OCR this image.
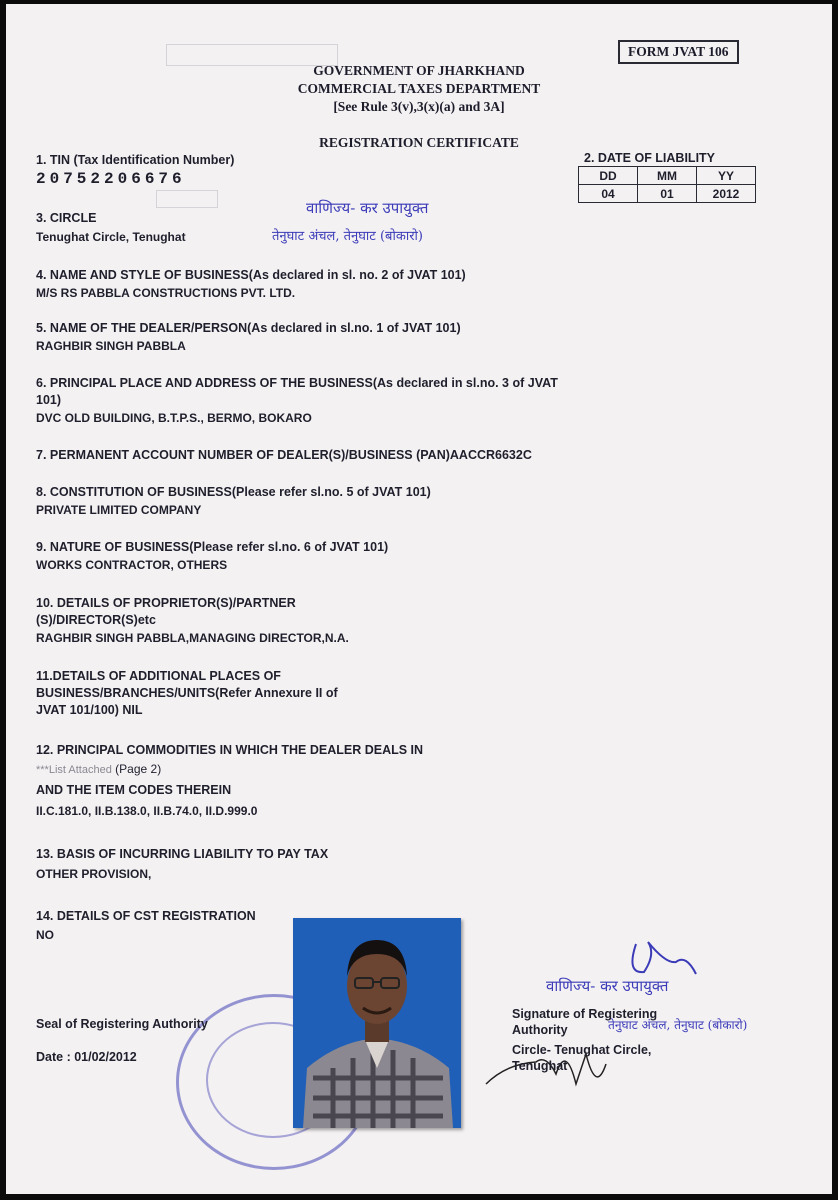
FORM JVAT 106
GOVERNMENT OF JHARKHAND
COMMERCIAL TAXES DEPARTMENT
[See Rule 3(v),3(x)(a) and 3A]
REGISTRATION CERTIFICATE
1. TIN (Tax Identification Number)
20752206676
2. DATE OF LIABILITY
DD	MM	YY
04	01	2012
3. CIRCLE
Tenughat Circle, Tenughat
वाणिज्य- कर उपायुक्त
तेनुघाट अंचल, तेनुघाट (बोकारो)
4. NAME AND STYLE OF BUSINESS(As declared in sl. no. 2 of JVAT 101)
M/S RS PABBLA CONSTRUCTIONS PVT. LTD.
5. NAME OF THE DEALER/PERSON(As declared in sl.no. 1 of JVAT 101)
RAGHBIR SINGH PABBLA
6. PRINCIPAL PLACE AND ADDRESS OF THE BUSINESS(As declared in sl.no. 3 of JVAT
101)
DVC OLD BUILDING, B.T.P.S., BERMO, BOKARO
7. PERMANENT ACCOUNT NUMBER OF DEALER(S)/BUSINESS (PAN)AACCR6632C
8. CONSTITUTION OF BUSINESS(Please refer sl.no. 5 of JVAT 101)
PRIVATE LIMITED COMPANY
9. NATURE OF BUSINESS(Please refer sl.no. 6 of JVAT 101)
WORKS CONTRACTOR, OTHERS
10. DETAILS OF PROPRIETOR(S)/PARTNER
(S)/DIRECTOR(S)etc
RAGHBIR SINGH PABBLA,MANAGING DIRECTOR,N.A.
11.DETAILS OF ADDITIONAL PLACES OF
BUSINESS/BRANCHES/UNITS(Refer Annexure II of
JVAT 101/100) NIL
12. PRINCIPAL COMMODITIES IN WHICH THE DEALER DEALS IN
***List Attached (Page 2)
AND THE ITEM CODES THEREIN
II.C.181.0, II.B.138.0, II.B.74.0, II.D.999.0
13. BASIS OF INCURRING LIABILITY TO PAY TAX
OTHER PROVISION,
14. DETAILS OF CST REGISTRATION
NO
Seal of Registering Authority
Date : 01/02/2012
वाणिज्य- कर उपायुक्त
तेनुघाट अंचल, तेनुघाट (बोकारो)
Signature of Registering
Authority
Circle- Tenughat Circle,
Tenughat
